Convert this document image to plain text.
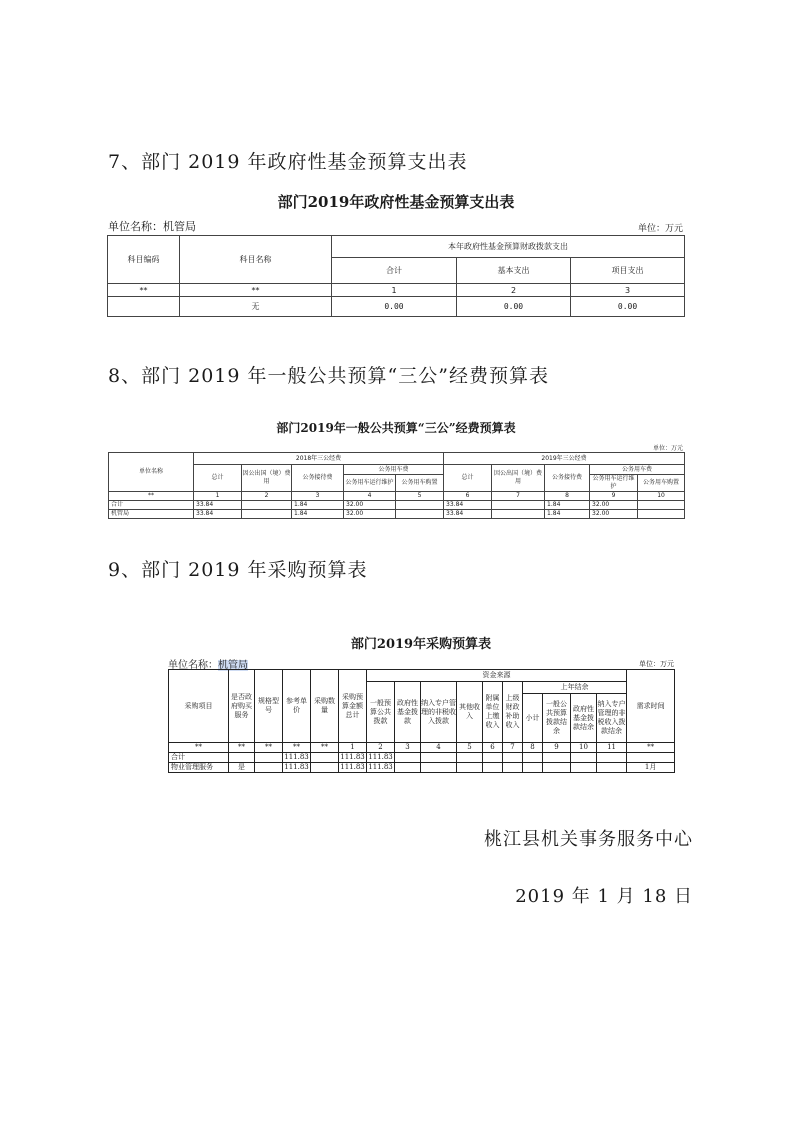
7、部门 2019 年政府性基金预算支出表
部门2019年政府性基金预算支出表
单位名称：机管局	单位：万元
科目编码	科目名称	本年政府性基金预算财政拨款支出		
		合计	基本支出	项目支出
**	**	1	2	3
	无	0.00	0.00	0.00
8、部门 2019 年一般公共预算“三公”经费预算表
部门2019年一般公共预算“三公”经费预算表
单位：万元
单位名称	2018年三公经费					2019年三公经费				
	总计	因公出国（境）费用	公务接待费	公务用车费		总计	因公出国（境）费用	公务接待费	公务用车费	
				公务用车运行维护	公务用车购置				公务用车运行维护	公务用车购置
**	1	2	3	4	5	6	7	8	9	10
合计	33.84		1.84	32.00		33.84		1.84	32.00	
机管局	33.84		1.84	32.00		33.84		1.84	32.00	
9、部门 2019 年采购预算表
部门2019年采购预算表
单位名称：机管局	单位：万元
采购项目	是否政府购买服务	规格型号	参考单价	采购数量	采购预算金额总计	资金来源										需求时间
						一般预算公共拨款	政府性基金拨款	纳入专户管理的非税收入拨款	其他收入	附属单位上缴收入	上级财政补助收入	上年结余				
												小计	一般公共预算拨款结余	政府性基金拨款结余	纳入专户管理的非税收入拨款结余	
**	**	**	**	**	1	2	3	4	5	6	7	8	9	10	11	**
合计			111.83		111.83	111.83										
物业管理服务	是		111.83		111.83	111.83										1月
桃江县机关事务服务中心
2019 年 1 月 18 日
